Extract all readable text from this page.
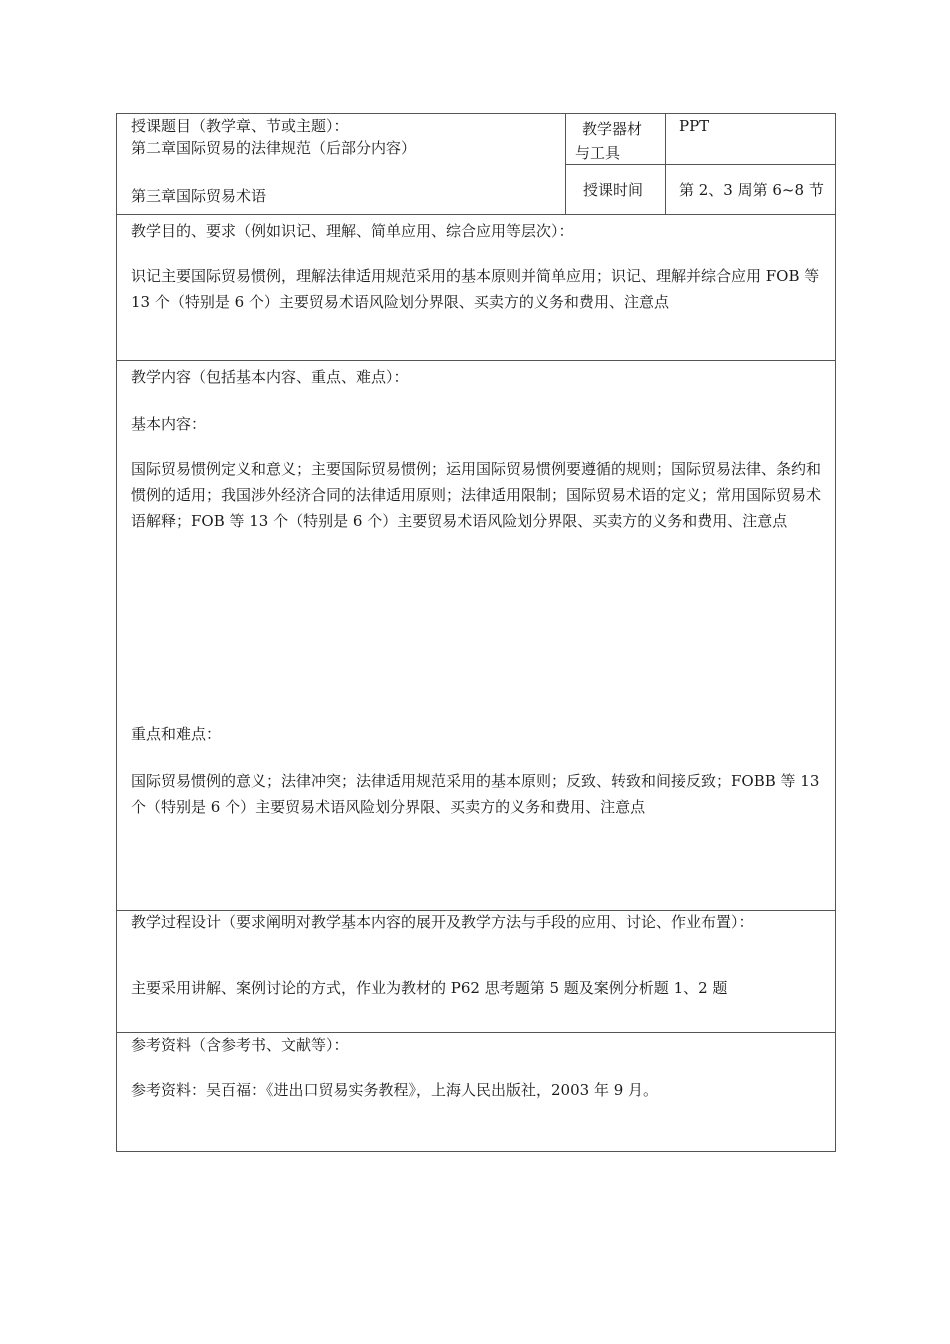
授课题目（教学章、节或主题）：
第二章国际贸易的法律规范（后部分内容）
第三章国际贸易术语
教学器材
与工具
PPT
授课时间 第 2、3 周第 6~8 节
教学目的、要求（例如识记、理解、简单应用、综合应用等层次）：
识记主要国际贸易惯例，理解法律适用规范采用的基本原则并简单应用；识记、理解并综合应用 FOB 等 13 个（特别是 6 个）主要贸易术语风险划分界限、买卖方的义务和费用、注意点
教学内容（包括基本内容、重点、难点）：
基本内容：
国际贸易惯例定义和意义；主要国际贸易惯例；运用国际贸易惯例要遵循的规则；国际贸易法律、条约和惯例的适用；我国涉外经济合同的法律适用原则；法律适用限制；国际贸易术语的定义；常用国际贸易术语解释；FOB 等 13 个（特别是 6 个）主要贸易术语风险划分界限、买卖方的义务和费用、注意点
重点和难点：
国际贸易惯例的意义；法律冲突；法律适用规范采用的基本原则；反致、转致和间接反致；FOBB 等 13 个（特别是 6 个）主要贸易术语风险划分界限、买卖方的义务和费用、注意点
教学过程设计（要求阐明对教学基本内容的展开及教学方法与手段的应用、讨论、作业布置）：
主要采用讲解、案例讨论的方式，作业为教材的 P62 思考题第 5 题及案例分析题 1、2 题
参考资料（含参考书、文献等）：
参考资料：吴百福：《进出口贸易实务教程》，上海人民出版社，2003 年 9 月。
